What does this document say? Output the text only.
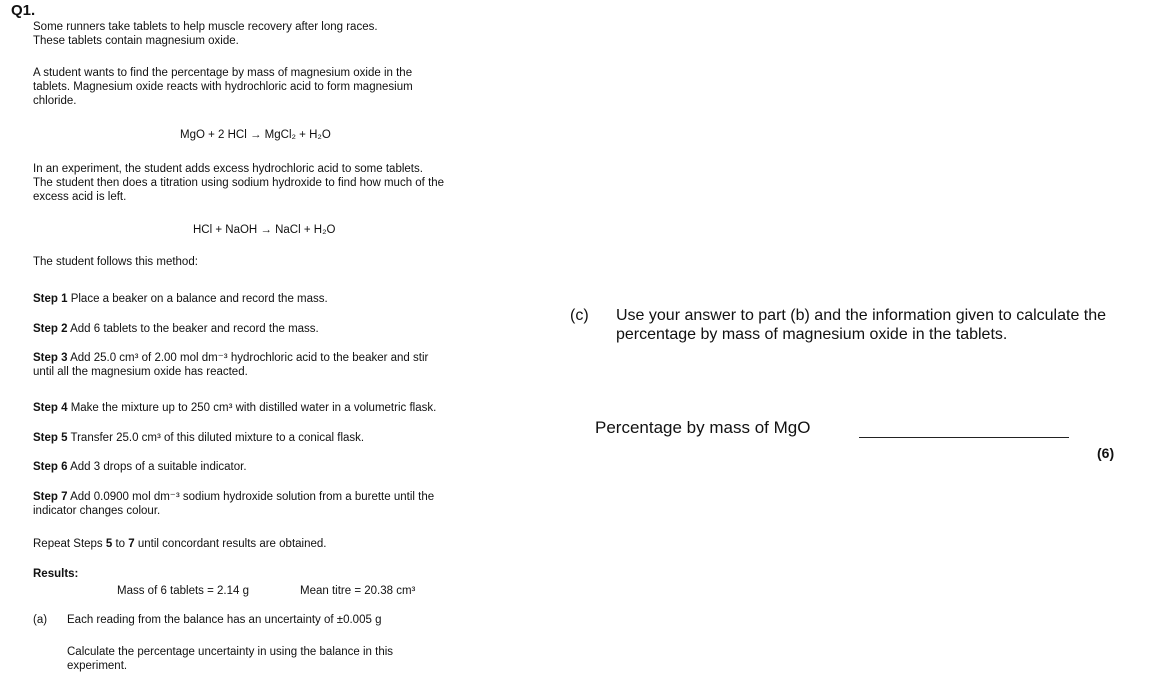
Q1.
Some runners take tablets to help muscle recovery after long races.
These tablets contain magnesium oxide.
A student wants to find the percentage by mass of magnesium oxide in the
tablets. Magnesium oxide reacts with hydrochloric acid to form magnesium
chloride.
MgO + 2 HCl → MgCl₂ + H₂O
In an experiment, the student adds excess hydrochloric acid to some tablets.
The student then does a titration using sodium hydroxide to find how much of the
excess acid is left.
HCl + NaOH → NaCl + H₂O
The student follows this method:
Step 1 Place a beaker on a balance and record the mass.
Step 2 Add 6 tablets to the beaker and record the mass.
Step 3 Add 25.0 cm³ of 2.00 mol dm⁻³ hydrochloric acid to the beaker and stir
until all the magnesium oxide has reacted.
Step 4 Make the mixture up to 250 cm³ with distilled water in a volumetric flask.
Step 5 Transfer 25.0 cm³ of this diluted mixture to a conical flask.
Step 6 Add 3 drops of a suitable indicator.
Step 7 Add 0.0900 mol dm⁻³ sodium hydroxide solution from a burette until the
indicator changes colour.
Repeat Steps 5 to 7 until concordant results are obtained.
Results:
Mass of 6 tablets = 2.14 g	Mean titre = 20.38 cm³
(a) Each reading from the balance has an uncertainty of ±0.005 g
Calculate the percentage uncertainty in using the balance in this
experiment.
(c) Use your answer to part (b) and the information given to calculate the
percentage by mass of magnesium oxide in the tablets.
Percentage by mass of MgO
(6)
